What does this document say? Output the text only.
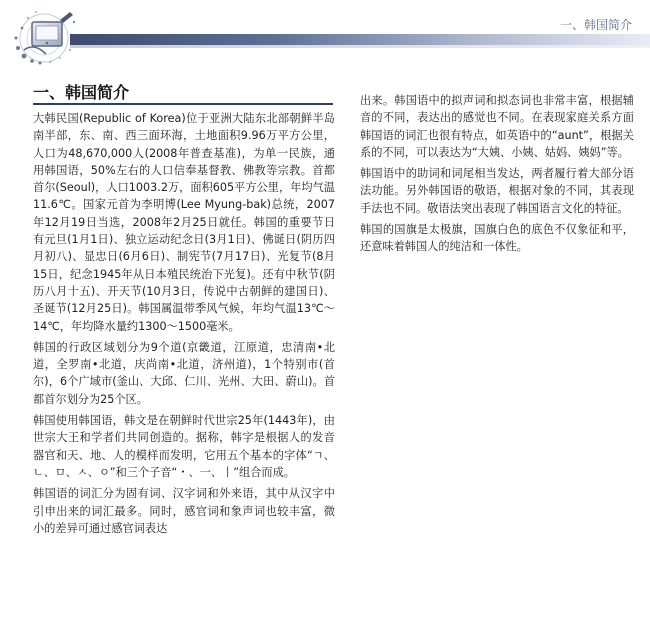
一、韩国简介
一、韩国简介

大韩民国(Republic of Korea)位于亚洲大陆东北部朝鲜半岛南半部，东、南、西三面环海，土地面积9.96万平方公里，人口为48,670,000人(2008年普查基准)，为单一民族，通用韩国语，50%左右的人口信奉基督教、佛教等宗教。首都首尔(Seoul)，人口1003.2万，面积605平方公里，年均气温11.6℃。国家元首为李明博(Lee Myung-bak)总统，2007年12月19日当选，2008年2月25日就任。韩国的重要节日有元旦(1月1日)、独立运动纪念日(3月1日)、佛诞日(阴历四月初八)、显忠日(6月6日)、制宪节(7月17日)、光复节(8月15日，纪念1945年从日本殖民统治下光复)。还有中秋节(阴历八月十五)、开天节(10月3日，传说中古朝鲜的建国日)、圣诞节(12月25日)。韩国属温带季风气候，年均气温13℃～14℃，年均降水量约1300～1500毫米。

韩国的行政区域划分为9个道(京畿道，江原道，忠清南•北道，全罗南•北道，庆尚南•北道，济州道)，1个特别市(首尔)，6个广域市(釜山、大邱、仁川、光州、大田、蔚山)。首都首尔划分为25个区。

韩国使用韩国语，韩文是在朝鲜时代世宗25年(1443年)，由世宗大王和学者们共同创造的。据称，韩字是根据人的发音器官和天、地、人的模样而发明，它用五个基本的字体“ㄱ、ㄴ、ㅁ、ㅅ、ㅇ”和三个子音“・、一、丨”组合而成。

韩国语的词汇分为固有词、汉字词和外来语，其中从汉字中引申出来的词汇最多。同时，感官词和象声词也较丰富，微小的差异可通过感官词表达

出来。韩国语中的拟声词和拟态词也非常丰富，根据辅音的不同，表达出的感觉也不同。在表现家庭关系方面韩国语的词汇也很有特点，如英语中的“aunt”，根据关系的不同，可以表达为“大姨、小姨、姑妈、姨妈”等。

韩国语中的助词和词尾相当发达，两者履行着大部分语法功能。另外韩国语的敬语，根据对象的不同，其表现手法也不同。敬语法突出表现了韩国语言文化的特征。

韩国的国旗是太极旗，国旗白色的底色不仅象征和平，还意味着韩国人的纯洁和一体性。
